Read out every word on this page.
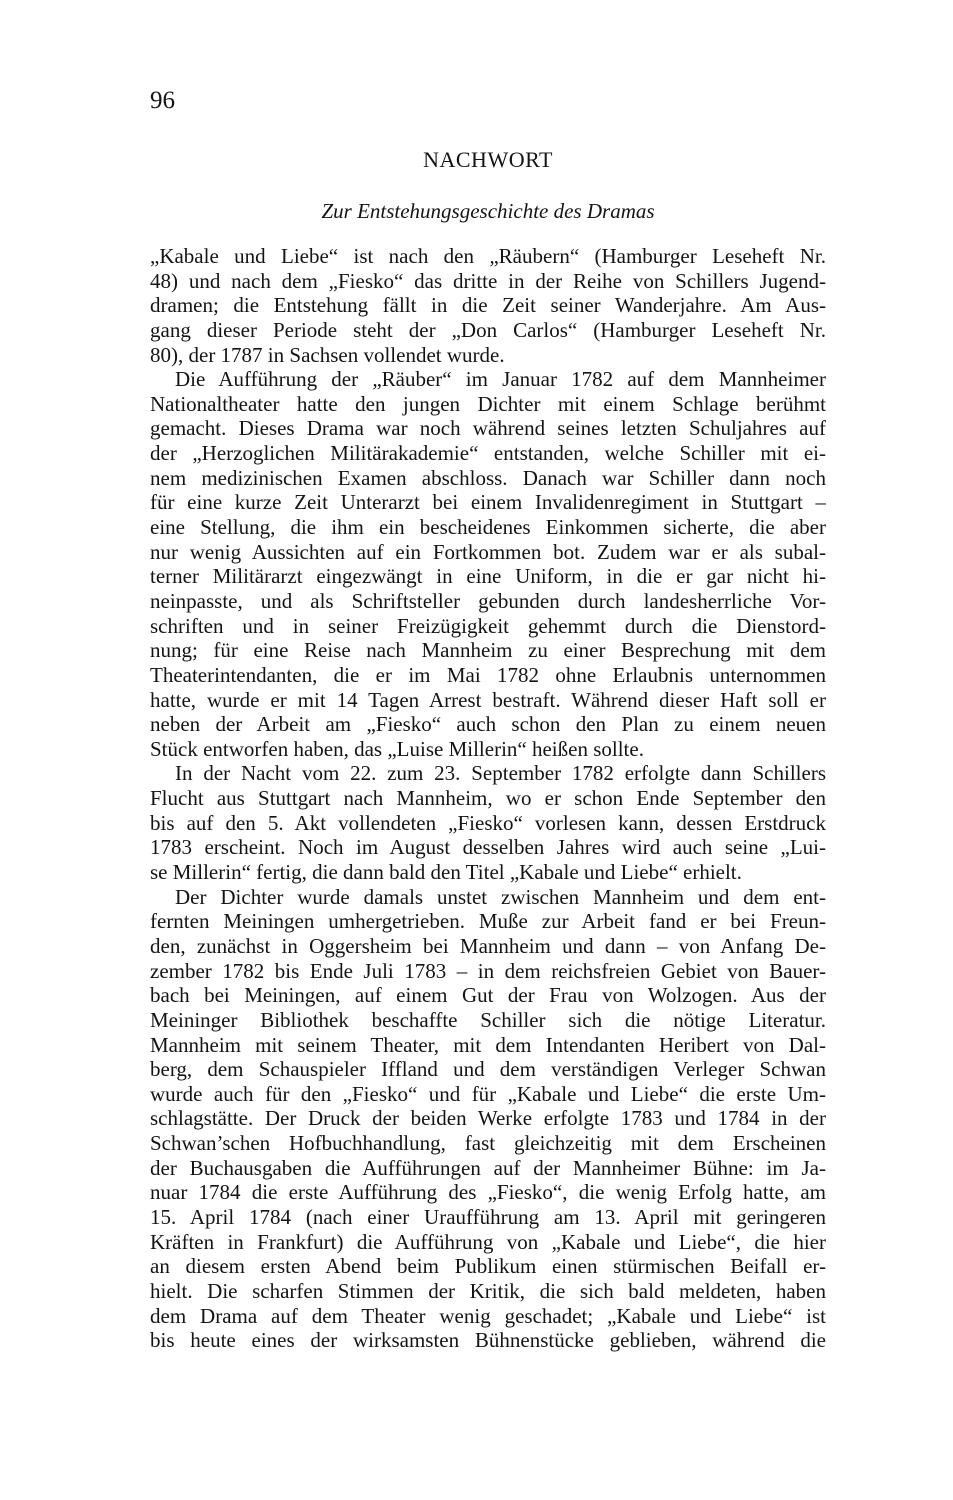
96
NACHWORT
Zur Entstehungsgeschichte des Dramas
„Kabale und Liebe“ ist nach den „Räubern“ (Hamburger Leseheft Nr.
48) und nach dem „Fiesko“ das dritte in der Reihe von Schillers Jugend-
dramen; die Entstehung fällt in die Zeit seiner Wanderjahre. Am Aus-
gang dieser Periode steht der „Don Carlos“ (Hamburger Leseheft Nr.
80), der 1787 in Sachsen vollendet wurde.
Die Aufführung der „Räuber“ im Januar 1782 auf dem Mannheimer
Nationaltheater hatte den jungen Dichter mit einem Schlage berühmt
gemacht. Dieses Drama war noch während seines letzten Schuljahres auf
der „Herzoglichen Militärakademie“ entstanden, welche Schiller mit ei-
nem medizinischen Examen abschloss. Danach war Schiller dann noch
für eine kurze Zeit Unterarzt bei einem Invalidenregiment in Stuttgart –
eine Stellung, die ihm ein bescheidenes Einkommen sicherte, die aber
nur wenig Aussichten auf ein Fortkommen bot. Zudem war er als subal-
terner Militärarzt eingezwängt in eine Uniform, in die er gar nicht hi-
neinpasste, und als Schriftsteller gebunden durch landesherrliche Vor-
schriften und in seiner Freizügigkeit gehemmt durch die Dienstord-
nung; für eine Reise nach Mannheim zu einer Besprechung mit dem
Theaterintendanten, die er im Mai 1782 ohne Erlaubnis unternommen
hatte, wurde er mit 14 Tagen Arrest bestraft. Während dieser Haft soll er
neben der Arbeit am „Fiesko“ auch schon den Plan zu einem neuen
Stück entworfen haben, das „Luise Millerin“ heißen sollte.
In der Nacht vom 22. zum 23. September 1782 erfolgte dann Schillers
Flucht aus Stuttgart nach Mannheim, wo er schon Ende September den
bis auf den 5. Akt vollendeten „Fiesko“ vorlesen kann, dessen Erstdruck
1783 erscheint. Noch im August desselben Jahres wird auch seine „Lui-
se Millerin“ fertig, die dann bald den Titel „Kabale und Liebe“ erhielt.
Der Dichter wurde damals unstet zwischen Mannheim und dem ent-
fernten Meiningen umhergetrieben. Muße zur Arbeit fand er bei Freun-
den, zunächst in Oggersheim bei Mannheim und dann – von Anfang De-
zember 1782 bis Ende Juli 1783 – in dem reichsfreien Gebiet von Bauer-
bach bei Meiningen, auf einem Gut der Frau von Wolzogen. Aus der
Meininger Bibliothek beschaffte Schiller sich die nötige Literatur.
Mannheim mit seinem Theater, mit dem Intendanten Heribert von Dal-
berg, dem Schauspieler Iffland und dem verständigen Verleger Schwan
wurde auch für den „Fiesko“ und für „Kabale und Liebe“ die erste Um-
schlagstätte. Der Druck der beiden Werke erfolgte 1783 und 1784 in der
Schwan’schen Hofbuchhandlung, fast gleichzeitig mit dem Erscheinen
der Buchausgaben die Aufführungen auf der Mannheimer Bühne: im Ja-
nuar 1784 die erste Aufführung des „Fiesko“, die wenig Erfolg hatte, am
15. April 1784 (nach einer Uraufführung am 13. April mit geringeren
Kräften in Frankfurt) die Aufführung von „Kabale und Liebe“, die hier
an diesem ersten Abend beim Publikum einen stürmischen Beifall er-
hielt. Die scharfen Stimmen der Kritik, die sich bald meldeten, haben
dem Drama auf dem Theater wenig geschadet; „Kabale und Liebe“ ist
bis heute eines der wirksamsten Bühnenstücke geblieben, während die
